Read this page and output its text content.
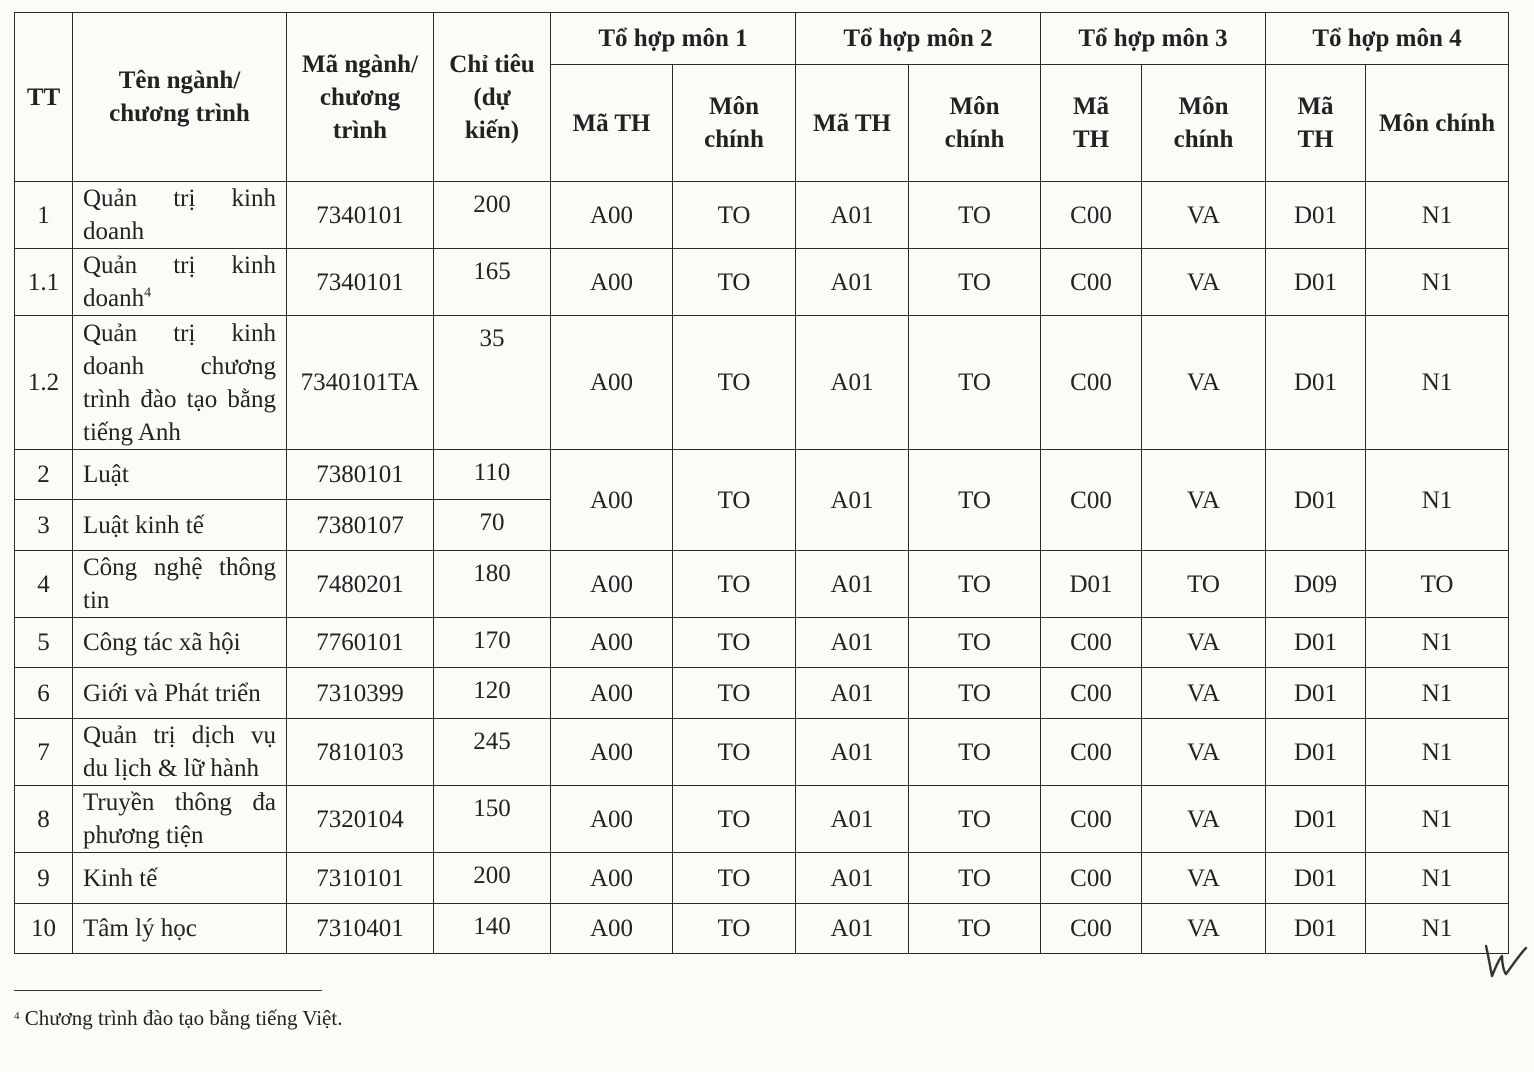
TT	Tên ngành/ chương trình	Mã ngành/ chương trình	Chỉ tiêu (dự kiến)	Tổ hợp môn 1		Tổ hợp môn 2		Tổ hợp môn 3		Tổ hợp môn 4	
				Mã TH	Môn chính	Mã TH	Môn chính	Mã TH	Môn chính	Mã TH	Môn chính
1	Quản trị kinh doanh	7340101	200	A00	TO	A01	TO	C00	VA	D01	N1
1.1	Quản trị kinh doanh$^4$	7340101	165	A00	TO	A01	TO	C00	VA	D01	N1
1.2	Quản trị kinh doanh chương trình đào tạo bằng tiếng Anh	7340101TA	35	A00	TO	A01	TO	C00	VA	D01	N1
2	Luật	7380101	110	A00	TO	A01	TO	C00	VA	D01	N1
3	Luật kinh tế	7380107	70								
4	Công nghệ thông tin	7480201	180	A00	TO	A01	TO	D01	TO	D09	TO
5	Công tác xã hội	7760101	170	A00	TO	A01	TO	C00	VA	D01	N1
6	Giới và Phát triển	7310399	120	A00	TO	A01	TO	C00	VA	D01	N1
7	Quản trị dịch vụ du lịch & lữ hành	7810103	245	A00	TO	A01	TO	C00	VA	D01	N1
8	Truyền thông đa phương tiện	7320104	150	A00	TO	A01	TO	C00	VA	D01	N1
9	Kinh tế	7310101	200	A00	TO	A01	TO	C00	VA	D01	N1
10	Tâm lý học	7310401	140	A00	TO	A01	TO	C00	VA	D01	N1
$^4$ Chương trình đào tạo bằng tiếng Việt.
